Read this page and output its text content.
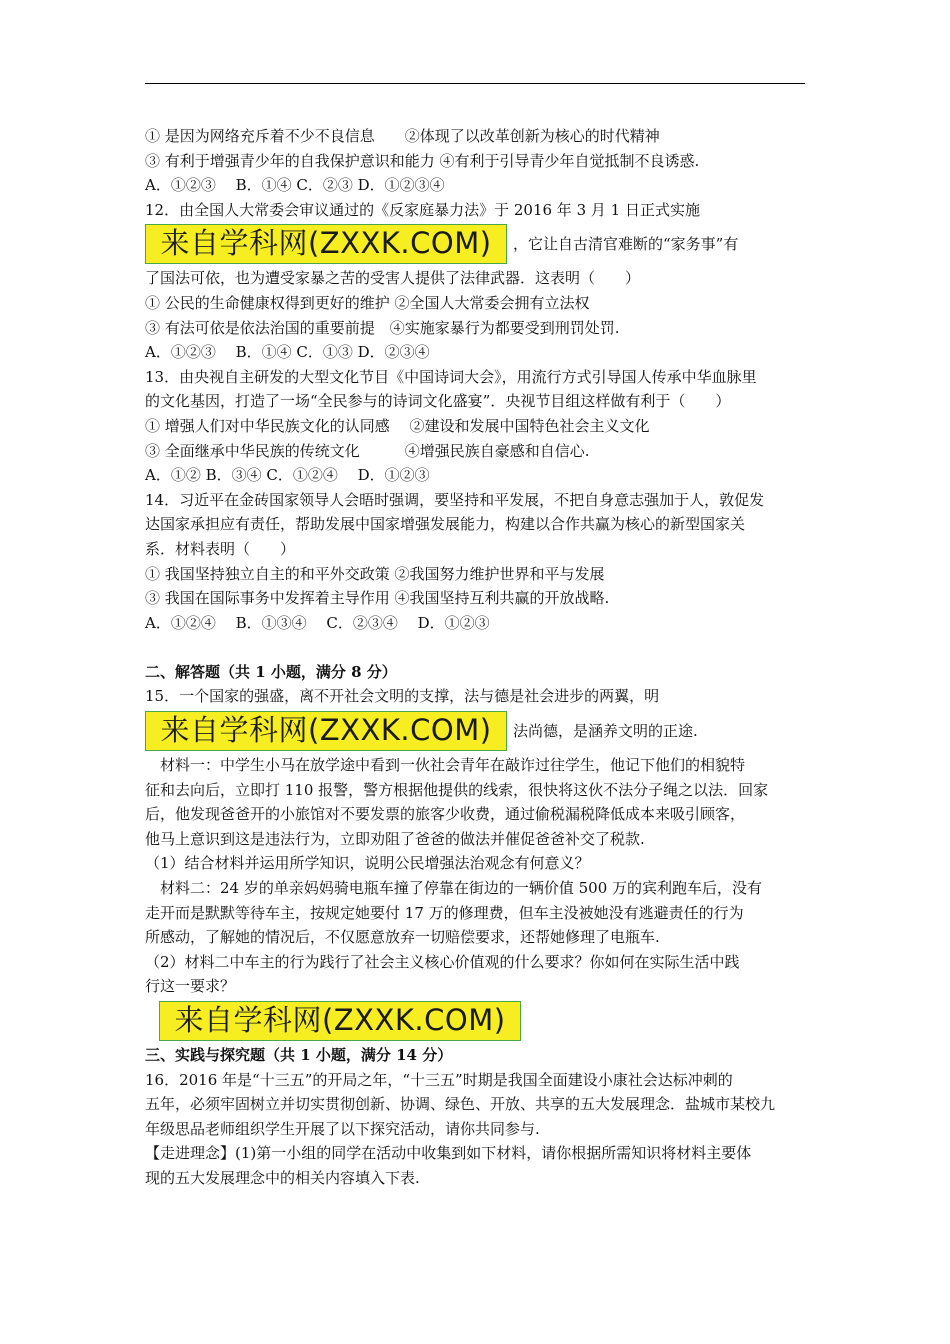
① 是因为网络充斥着不少不良信息　　②体现了以改革创新为核心的时代精神
③ 有利于增强青少年的自我保护意识和能力 ④有利于引导青少年自觉抵制不良诱惑.
A．①②③　 B．①④ C．②③ D．①②③④
12．由全国人大常委会审议通过的《反家庭暴力法》于 2016 年 3 月 1 日正式实施
来自学科网(ZXXK.COM)	，它让自古清官难断的“家务事”有
了国法可依，也为遭受家暴之苦的受害人提供了法律武器．这表明（　　）
① 公民的生命健康权得到更好的维护 ②全国人大常委会拥有立法权
③ 有法可依是依法治国的重要前提　④实施家暴行为都要受到刑罚处罚.
A．①②③　 B．①④ C．①③ D．②③④
13．由央视自主研发的大型文化节目《中国诗词大会》，用流行方式引导国人传承中华血脉里
的文化基因，打造了一场“全民参与的诗词文化盛宴”．央视节目组这样做有利于（　　）
① 增强人们对中华民族文化的认同感　 ②建设和发展中国特色社会主义文化
③ 全面继承中华民族的传统文化　　　④增强民族自豪感和自信心.
A．①② B．③④ C．①②④　 D．①②③
14．习近平在金砖国家领导人会晤时强调，要坚持和平发展，不把自身意志强加于人，敦促发
达国家承担应有责任，帮助发展中国家增强发展能力，构建以合作共赢为核心的新型国家关
系．材料表明（　　）
① 我国坚持独立自主的和平外交政策 ②我国努力维护世界和平与发展
③ 我国在国际事务中发挥着主导作用 ④我国坚持互利共赢的开放战略.
A．①②④　 B．①③④　 C．②③④　 D．①②③
二、解答题（共 1 小题，满分 8 分）
15．一个国家的强盛，离不开社会文明的支撑，法与德是社会进步的两翼，明
来自学科网(ZXXK.COM)	法尚德，是涵养文明的正途.
　材料一：中学生小马在放学途中看到一伙社会青年在敲诈过往学生，他记下他们的相貌特
征和去向后，立即打 110 报警，警方根据他提供的线索，很快将这伙不法分子绳之以法．回家
后，他发现爸爸开的小旅馆对不要发票的旅客少收费，通过偷税漏税降低成本来吸引顾客，
他马上意识到这是违法行为，立即劝阻了爸爸的做法并催促爸爸补交了税款.
（1）结合材料并运用所学知识，说明公民增强法治观念有何意义？
　材料二：24 岁的单亲妈妈骑电瓶车撞了停靠在街边的一辆价值 500 万的宾利跑车后，没有
走开而是默默等待车主，按规定她要付 17 万的修理费，但车主没被她没有逃避责任的行为
所感动，了解她的情况后，不仅愿意放弃一切赔偿要求，还帮她修理了电瓶车.
（2）材料二中车主的行为践行了社会主义核心价值观的什么要求？你如何在实际生活中践
行这一要求？
来自学科网(ZXXK.COM)
三、实践与探究题（共 1 小题，满分 14 分）
16．2016 年是“十三五”的开局之年，“十三五”时期是我国全面建设小康社会达标冲刺的
五年，必须牢固树立并切实贯彻创新、协调、绿色、开放、共享的五大发展理念．盐城市某校九
年级思品老师组织学生开展了以下探究活动，请你共同参与.
【走进理念】(1)第一小组的同学在活动中收集到如下材料，请你根据所需知识将材料主要体
现的五大发展理念中的相关内容填入下表.
